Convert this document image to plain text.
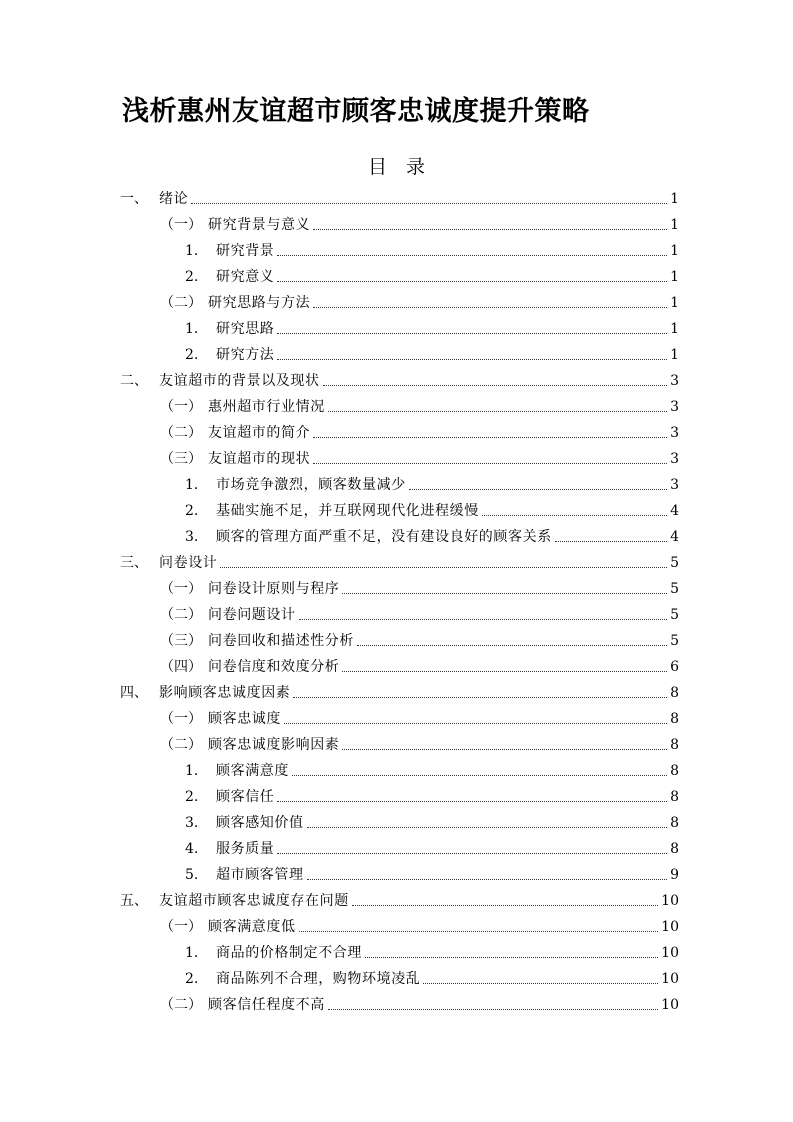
浅析惠州友谊超市顾客忠诚度提升策略
目　录
一、 绪论	1
（一） 研究背景与意义	1
1.	研究背景	1
2.	研究意义	1
（二） 研究思路与方法	1
1.	研究思路	1
2.	研究方法	1
二、 友谊超市的背景以及现状	3
（一） 惠州超市行业情况	3
（二） 友谊超市的简介	3
（三） 友谊超市的现状	3
1.	市场竞争激烈，顾客数量减少	3
2.	基础实施不足，并互联网现代化进程缓慢	4
3.	顾客的管理方面严重不足，没有建设良好的顾客关系	4
三、 问卷设计	5
（一） 问卷设计原则与程序	5
（二） 问卷问题设计	5
（三） 问卷回收和描述性分析	5
（四） 问卷信度和效度分析	6
四、 影响顾客忠诚度因素	8
（一） 顾客忠诚度	8
（二） 顾客忠诚度影响因素	8
1.	顾客满意度	8
2.	顾客信任	8
3.	顾客感知价值	8
4.	服务质量	8
5.	超市顾客管理	9
五、 友谊超市顾客忠诚度存在问题	10
（一） 顾客满意度低	10
1.	商品的价格制定不合理	10
2.	商品陈列不合理，购物环境凌乱	10
（二） 顾客信任程度不高	10
